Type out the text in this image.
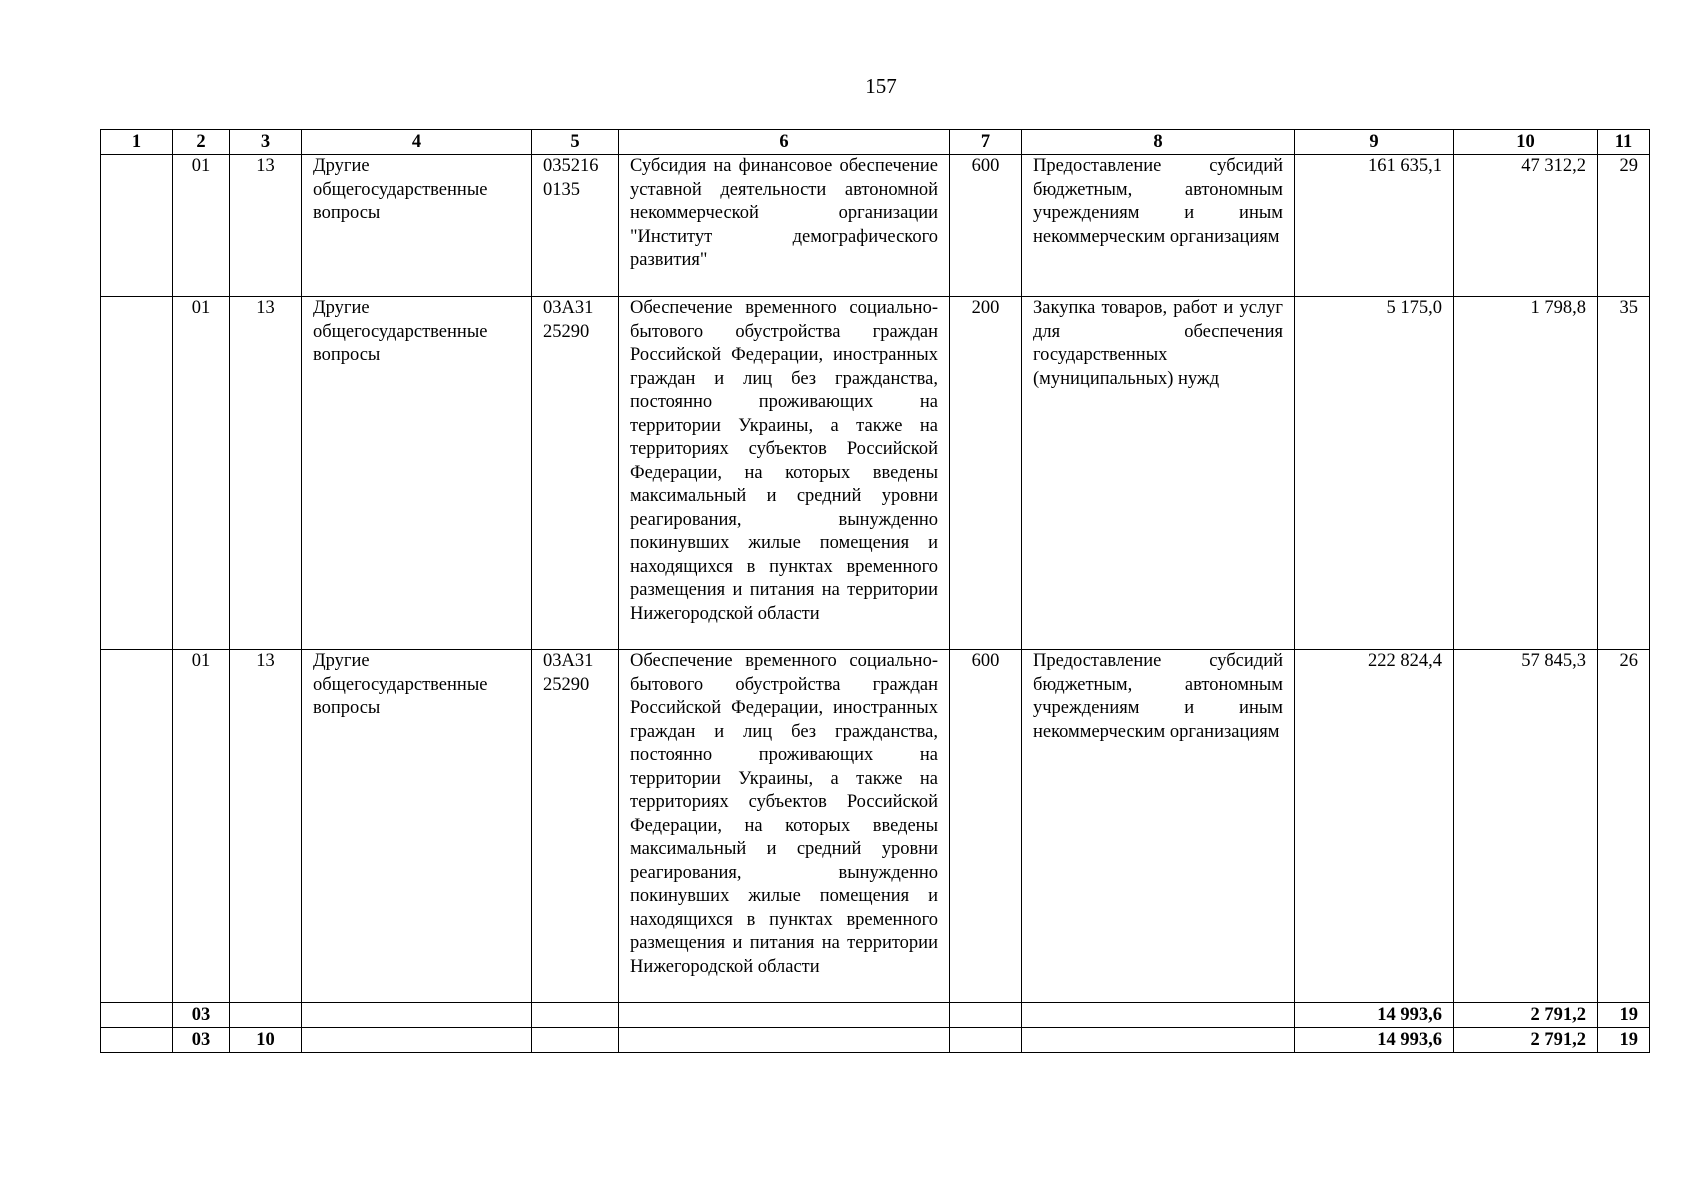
157
1	2	3	4	5	6	7	8	9	10	11
	01	13	Другие общегосударственные вопросы	035216 0135	Субсидия на финансовое обеспечение уставной деятельности автономной некоммерческой организации "Институт демографического развития"	600	Предоставление субсидий бюджетным, автономным учреждениям и иным некоммерческим организациям	161 635,1	47 312,2	29
	01	13	Другие общегосударственные вопросы	03А31 25290	Обеспечение временного социально-бытового обустройства граждан Российской Федерации, иностранных граждан и лиц без гражданства, постоянно проживающих на территории Украины, а также на территориях субъектов Российской Федерации, на которых введены максимальный и средний уровни реагирования, вынужденно покинувших жилые помещения и находящихся в пунктах временного размещения и питания на территории Нижегородской области	200	Закупка товаров, работ и услуг для обеспечения государственных (муниципальных) нужд	5 175,0	1 798,8	35
	01	13	Другие общегосударственные вопросы	03А31 25290	Обеспечение временного социально-бытового обустройства граждан Российской Федерации, иностранных граждан и лиц без гражданства, постоянно проживающих на территории Украины, а также на территориях субъектов Российской Федерации, на которых введены максимальный и средний уровни реагирования, вынужденно покинувших жилые помещения и находящихся в пунктах временного размещения и питания на территории Нижегородской области	600	Предоставление субсидий бюджетным, автономным учреждениям и иным некоммерческим организациям	222 824,4	57 845,3	26
	03							14 993,6	2 791,2	19
	03	10						14 993,6	2 791,2	19
